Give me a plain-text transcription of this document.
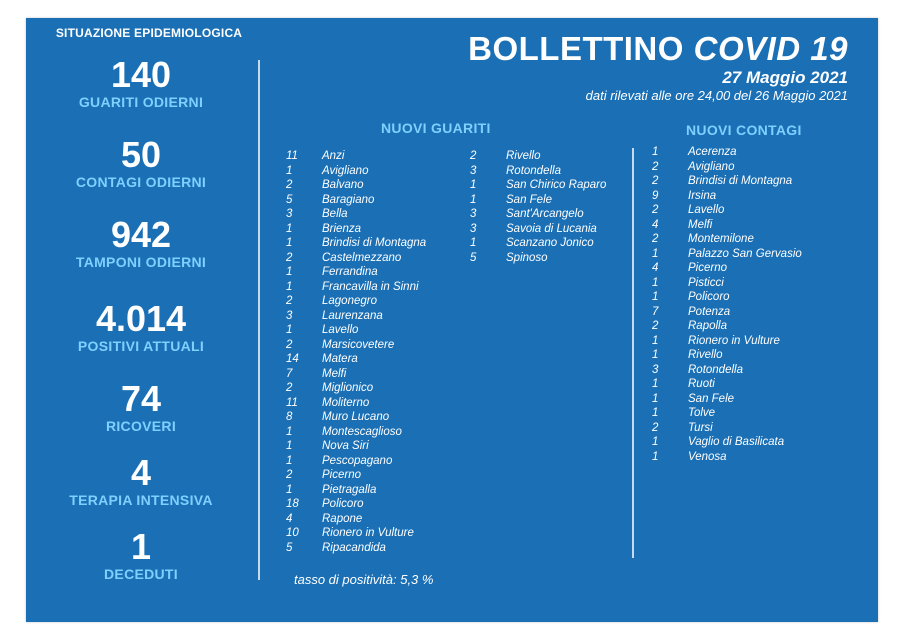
SITUAZIONE EPIDEMIOLOGICA
140
GUARITI ODIERNI
50
CONTAGI ODIERNI
942
TAMPONI ODIERNI
4.014
POSITIVI ATTUALI
74
RICOVERI
4
TERAPIA INTENSIVA
1
DECEDUTI
BOLLETTINO COVID 19
27 Maggio 2021
dati rilevati alle ore 24,00 del 26 Maggio 2021
NUOVI GUARITI	NUOVI CONTAGI
11	Anzi
1	Avigliano
2	Balvano
5	Baragiano
3	Bella
1	Brienza
1	Brindisi di Montagna
2	Castelmezzano
1	Ferrandina
1	Francavilla in Sinni
2	Lagonegro
3	Laurenzana
1	Lavello
2	Marsicovetere
14	Matera
7	Melfi
2	Miglionico
11	Moliterno
8	Muro Lucano
1	Montescaglioso
1	Nova Siri
1	Pescopagano
2	Picerno
1	Pietragalla
18	Policoro
4	Rapone
10	Rionero in Vulture
5	Ripacandida
2	Rivello
3	Rotondella
1	San Chirico Raparo
1	San Fele
3	Sant'Arcangelo
3	Savoia di Lucania
1	Scanzano Jonico
5	Spinoso
1	Acerenza
2	Avigliano
2	Brindisi di Montagna
9	Irsina
2	Lavello
4	Melfi
2	Montemilone
1	Palazzo San Gervasio
4	Picerno
1	Pisticci
1	Policoro
7	Potenza
2	Rapolla
1	Rionero in Vulture
1	Rivello
3	Rotondella
1	Ruoti
1	San Fele
1	Tolve
2	Tursi
1	Vaglio di Basilicata
1	Venosa
tasso di positività: 5,3 %
